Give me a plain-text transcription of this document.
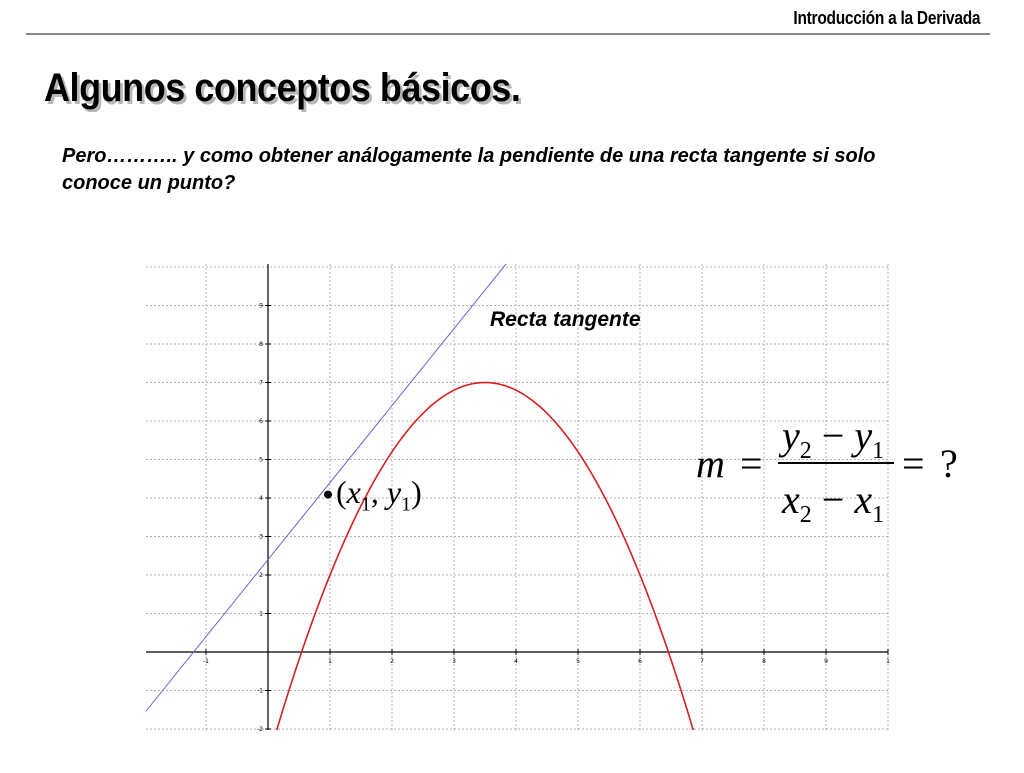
Introducción a la Derivada
Algunos conceptos básicos.
Pero……….. y como obtener análogamente la pendiente de una recta tangente si solo conoce un punto?
-1	1	2	3	4	5	6	7	8	9	1
9
8
7
6
5
4
3
2
1
-1
-2
Recta tangente
($x_1$, $y_1$)
m =
$y_2 - y_1$
$x_2 - x_1$
= ?
